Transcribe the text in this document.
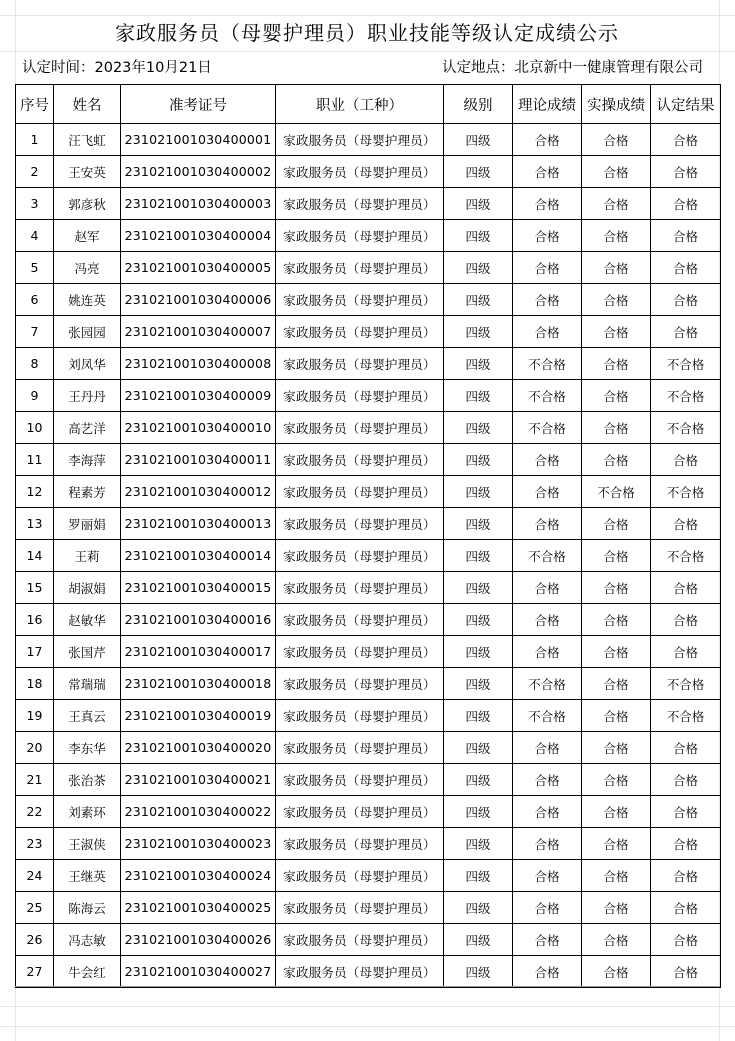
家政服务员（母婴护理员）职业技能等级认定成绩公示
认定时间：2023年10月21日	认定地点：北京新中一健康管理有限公司
序号	姓名	准考证号	职业（工种）	级别	理论成绩	实操成绩	认定结果
1	汪飞虹	231021001030400001	家政服务员（母婴护理员）	四级	合格	合格	合格
2	王安英	231021001030400002	家政服务员（母婴护理员）	四级	合格	合格	合格
3	郭彦秋	231021001030400003	家政服务员（母婴护理员）	四级	合格	合格	合格
4	赵军	231021001030400004	家政服务员（母婴护理员）	四级	合格	合格	合格
5	冯亮	231021001030400005	家政服务员（母婴护理员）	四级	合格	合格	合格
6	姚连英	231021001030400006	家政服务员（母婴护理员）	四级	合格	合格	合格
7	张园园	231021001030400007	家政服务员（母婴护理员）	四级	合格	合格	合格
8	刘凤华	231021001030400008	家政服务员（母婴护理员）	四级	不合格	合格	不合格
9	王丹丹	231021001030400009	家政服务员（母婴护理员）	四级	不合格	合格	不合格
10	高艺洋	231021001030400010	家政服务员（母婴护理员）	四级	不合格	合格	不合格
11	李海萍	231021001030400011	家政服务员（母婴护理员）	四级	合格	合格	合格
12	程素芳	231021001030400012	家政服务员（母婴护理员）	四级	合格	不合格	不合格
13	罗丽娟	231021001030400013	家政服务员（母婴护理员）	四级	合格	合格	合格
14	王莉	231021001030400014	家政服务员（母婴护理员）	四级	不合格	合格	不合格
15	胡淑娟	231021001030400015	家政服务员（母婴护理员）	四级	合格	合格	合格
16	赵敏华	231021001030400016	家政服务员（母婴护理员）	四级	合格	合格	合格
17	张国芹	231021001030400017	家政服务员（母婴护理员）	四级	合格	合格	合格
18	常瑞瑞	231021001030400018	家政服务员（母婴护理员）	四级	不合格	合格	不合格
19	王真云	231021001030400019	家政服务员（母婴护理员）	四级	不合格	合格	不合格
20	李东华	231021001030400020	家政服务员（母婴护理员）	四级	合格	合格	合格
21	张治茶	231021001030400021	家政服务员（母婴护理员）	四级	合格	合格	合格
22	刘素环	231021001030400022	家政服务员（母婴护理员）	四级	合格	合格	合格
23	王淑侠	231021001030400023	家政服务员（母婴护理员）	四级	合格	合格	合格
24	王继英	231021001030400024	家政服务员（母婴护理员）	四级	合格	合格	合格
25	陈海云	231021001030400025	家政服务员（母婴护理员）	四级	合格	合格	合格
26	冯志敏	231021001030400026	家政服务员（母婴护理员）	四级	合格	合格	合格
27	牛会红	231021001030400027	家政服务员（母婴护理员）	四级	合格	合格	合格
